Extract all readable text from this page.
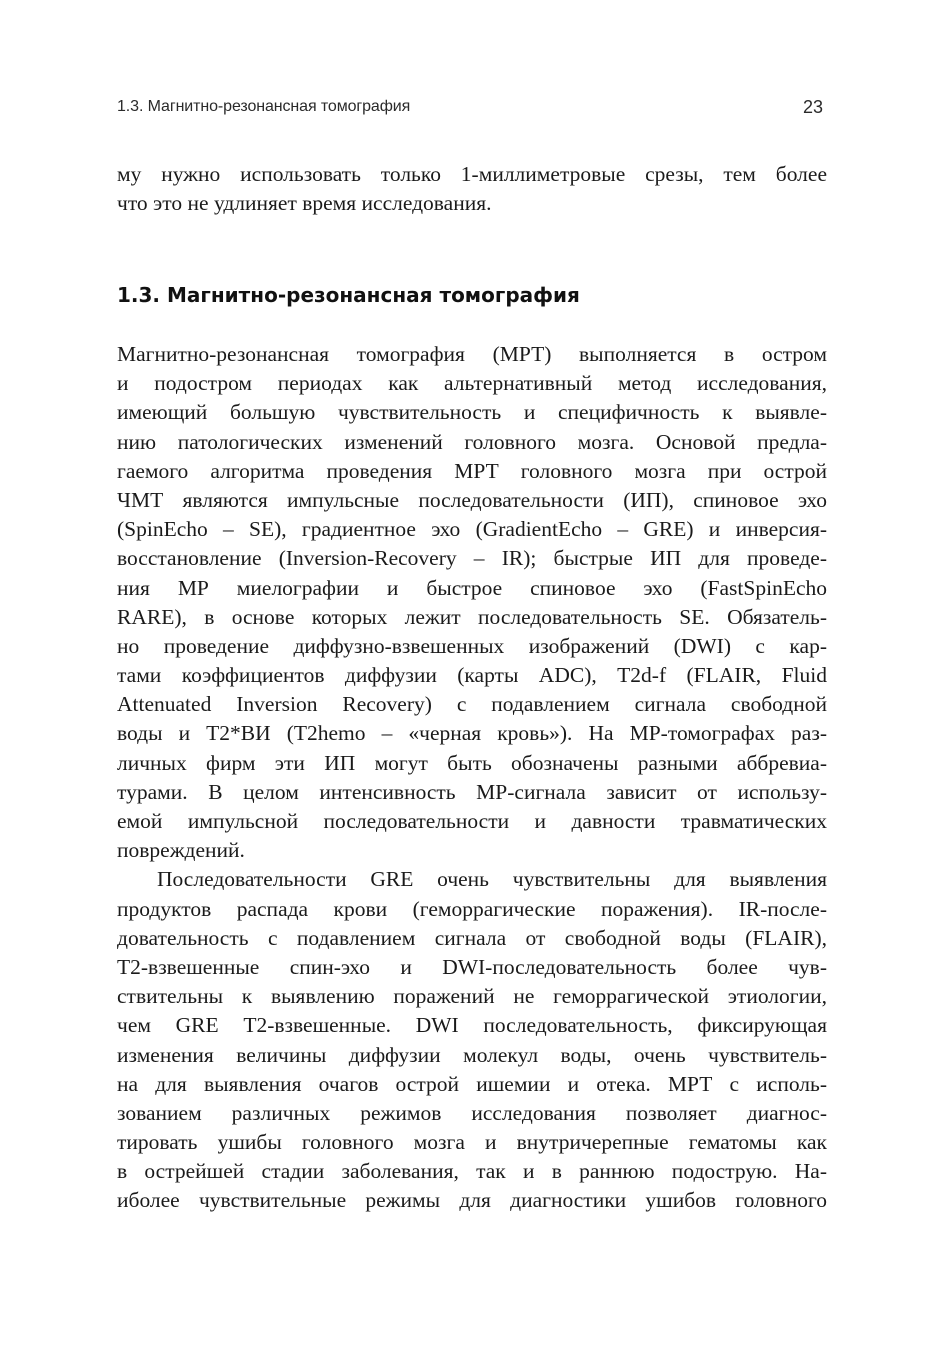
1.3. Магнитно-резонансная томография	23
му нужно использовать только 1-миллиметровые срезы, тем более
что это не удлиняет время исследования.
1.3. Магнитно-резонансная томография
Магнитно-резонансная томография (МРТ) выполняется в остром
и подостром периодах как альтернативный метод исследования,
имеющий большую чувствительность и специфичность к выявле-
нию патологических изменений головного мозга. Основой предла-
гаемого алгоритма проведения МРТ головного мозга при острой
ЧМТ являются импульсные последовательности (ИП), спиновое эхо
(SpinEcho – SE), градиентное эхо (GradientEcho – GRE) и инверсия-
восстановление (Inversion-Recovery – IR); быстрые ИП для проведе-
ния МР миелографии и быстрое спиновое эхо (FastSpinEcho
RARE), в основе которых лежит последовательность SE. Обязатель-
но проведение диффузно-взвешенных изображений (DWI) с кар-
тами коэффициентов диффузии (карты ADC), T2d-f (FLAIR, Fluid
Attenuated Inversion Recovery) с подавлением сигнала свободной
воды и Т2*ВИ (T2hemo – «черная кровь»). На МР-томографах раз-
личных фирм эти ИП могут быть обозначены разными аббревиа-
турами. В целом интенсивность МР-сигнала зависит от использу-
емой импульсной последовательности и давности травматических
повреждений.
Последовательности GRE очень чувствительны для выявления
продуктов распада крови (геморрагические поражения). IR-после-
довательность с подавлением сигнала от свободной воды (FLAIR),
Т2-взвешенные спин-эхо и DWI-последовательность более чув-
ствительны к выявлению поражений не геморрагической этиологии,
чем GRE Т2-взвешенные. DWI последовательность, фиксирующая
изменения величины диффузии молекул воды, очень чувствитель-
на для выявления очагов острой ишемии и отека. МРТ с исполь-
зованием различных режимов исследования позволяет диагнос-
тировать ушибы головного мозга и внутричерепные гематомы как
в острейшей стадии заболевания, так и в раннюю подострую. На-
иболее чувствительные режимы для диагностики ушибов головного
